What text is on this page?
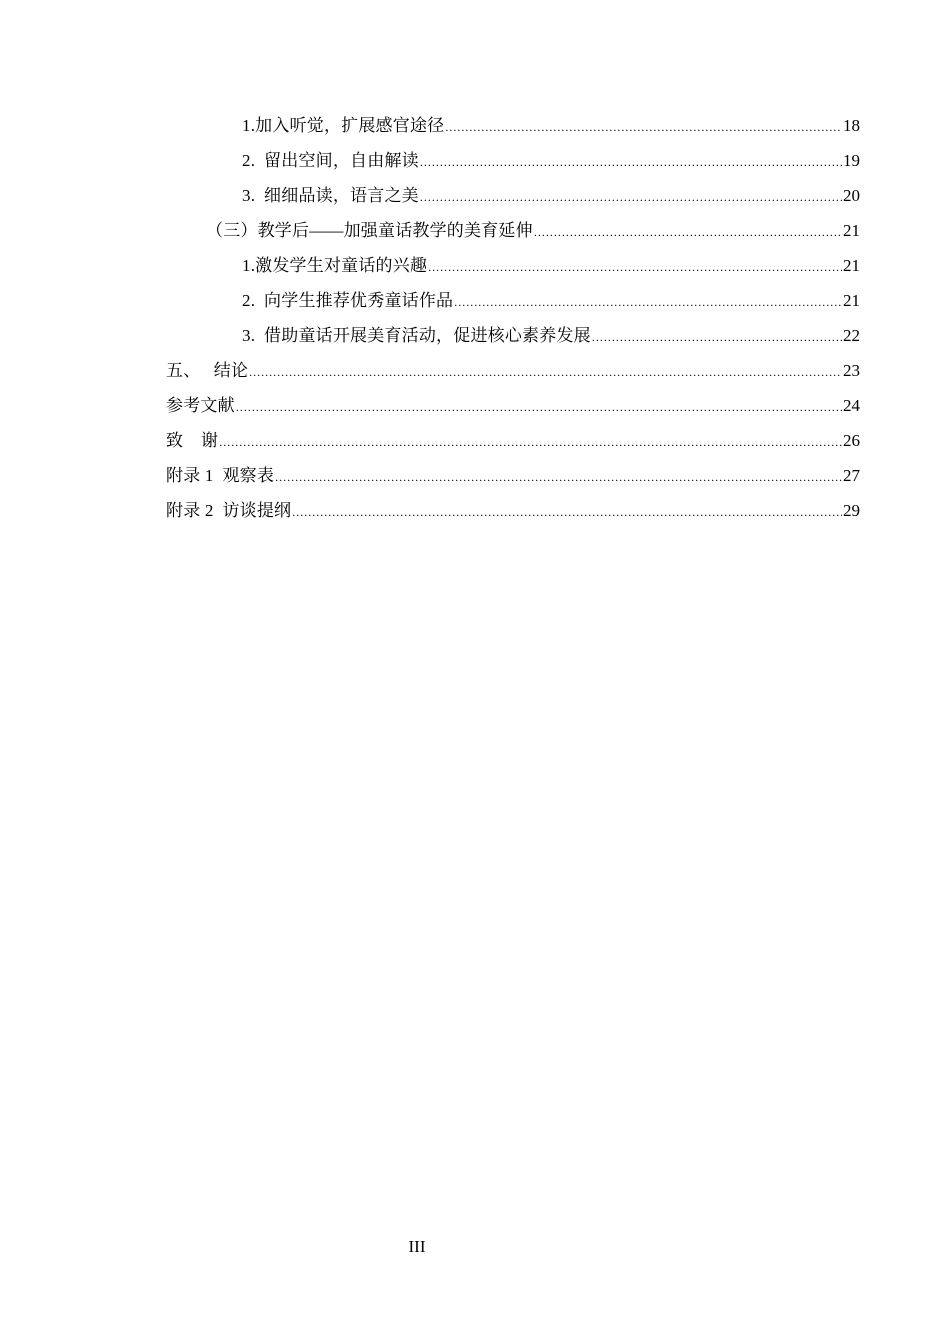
1.加入听觉，扩展感官途径 .....	18
2.  留出空间，自由解读 .....	19
3.  细细品读，语言之美 .....	20
（三）教学后——加强童话教学的美育延伸 .....	21
1.激发学生对童话的兴趣 .....	21
2.  向学生推荐优秀童话作品 .....	21
3.  借助童话开展美育活动，促进核心素养发展 .....	22
五、   结论 .....	23
参考文献 .....	24
致    谢 .....	26
附录 1  观察表 .....	27
附录 2  访谈提纲 .....	29
III
